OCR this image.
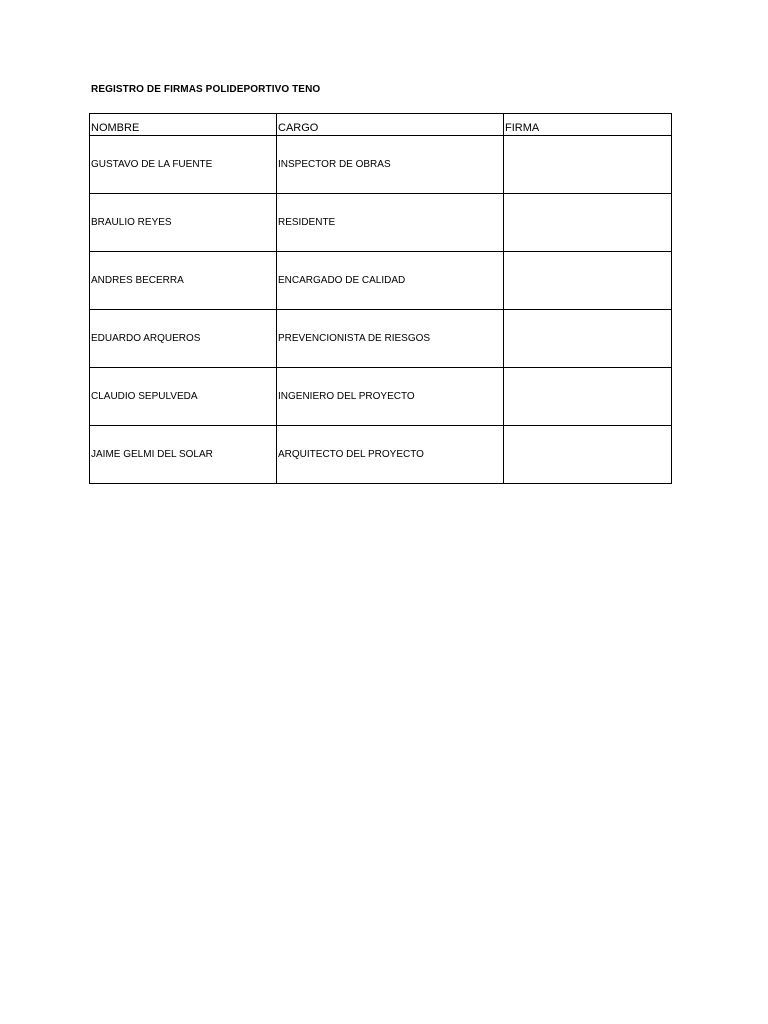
REGISTRO DE FIRMAS POLIDEPORTIVO TENO
NOMBRE	CARGO	FIRMA
GUSTAVO DE LA FUENTE	INSPECTOR DE OBRAS	
BRAULIO REYES	RESIDENTE	
ANDRES BECERRA	ENCARGADO DE CALIDAD	
EDUARDO ARQUEROS	PREVENCIONISTA DE RIESGOS	
CLAUDIO SEPULVEDA	INGENIERO DEL PROYECTO	
JAIME GELMI DEL SOLAR	ARQUITECTO DEL PROYECTO	
